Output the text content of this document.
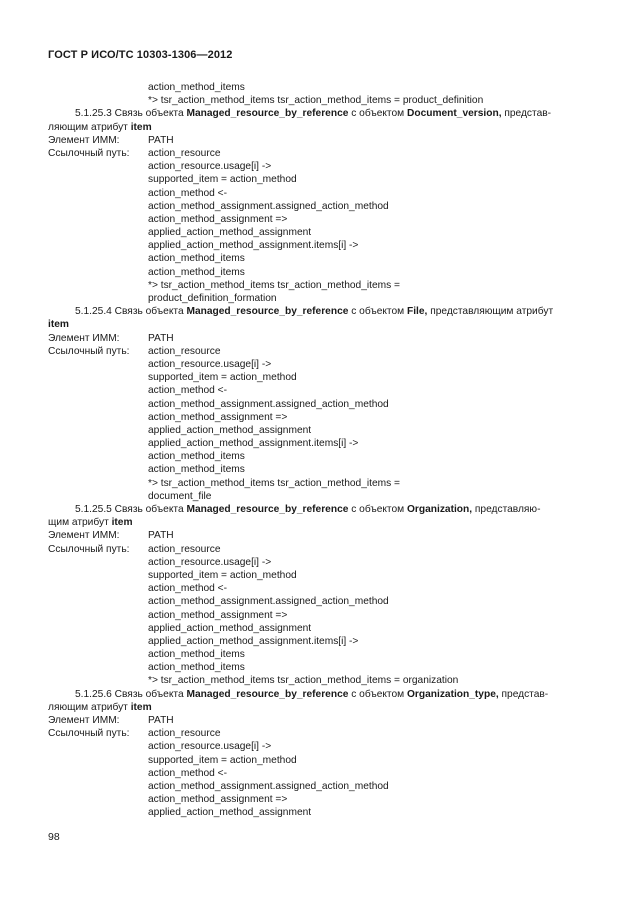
ГОСТ Р ИСО/ТС 10303-1306—2012
action_method_items
*> tsr_action_method_items tsr_action_method_items = product_definition
5.1.25.3 Связь объекта Managed_resource_by_reference с объектом Document_version, представ-
ляющим атрибут item
Элемент ИММ:	PATH
Ссылочный путь: action_resource
action_resource.usage[i] ->
supported_item = action_method
action_method <-
action_method_assignment.assigned_action_method
action_method_assignment =>
applied_action_method_assignment
applied_action_method_assignment.items[i] ->
action_method_items
action_method_items
*> tsr_action_method_items tsr_action_method_items =
product_definition_formation
5.1.25.4 Связь объекта Managed_resource_by_reference с объектом File, представляющим атрибут
item
Элемент ИММ:	PATH
Ссылочный путь: action_resource
action_resource.usage[i] ->
supported_item = action_method
action_method <-
action_method_assignment.assigned_action_method
action_method_assignment =>
applied_action_method_assignment
applied_action_method_assignment.items[i] ->
action_method_items
action_method_items
*> tsr_action_method_items tsr_action_method_items =
document_file
5.1.25.5 Связь объекта Managed_resource_by_reference с объектом Organization, представляю-
щим атрибут item
Элемент ИММ:	PATH
Ссылочный путь: action_resource
action_resource.usage[i] ->
supported_item = action_method
action_method <-
action_method_assignment.assigned_action_method
action_method_assignment =>
applied_action_method_assignment
applied_action_method_assignment.items[i] ->
action_method_items
action_method_items
*> tsr_action_method_items tsr_action_method_items = organization
5.1.25.6 Связь объекта Managed_resource_by_reference с объектом Organization_type, представ-
ляющим атрибут item
Элемент ИММ:	PATH
Ссылочный путь: action_resource
action_resource.usage[i] ->
supported_item = action_method
action_method <-
action_method_assignment.assigned_action_method
action_method_assignment =>
applied_action_method_assignment
98
